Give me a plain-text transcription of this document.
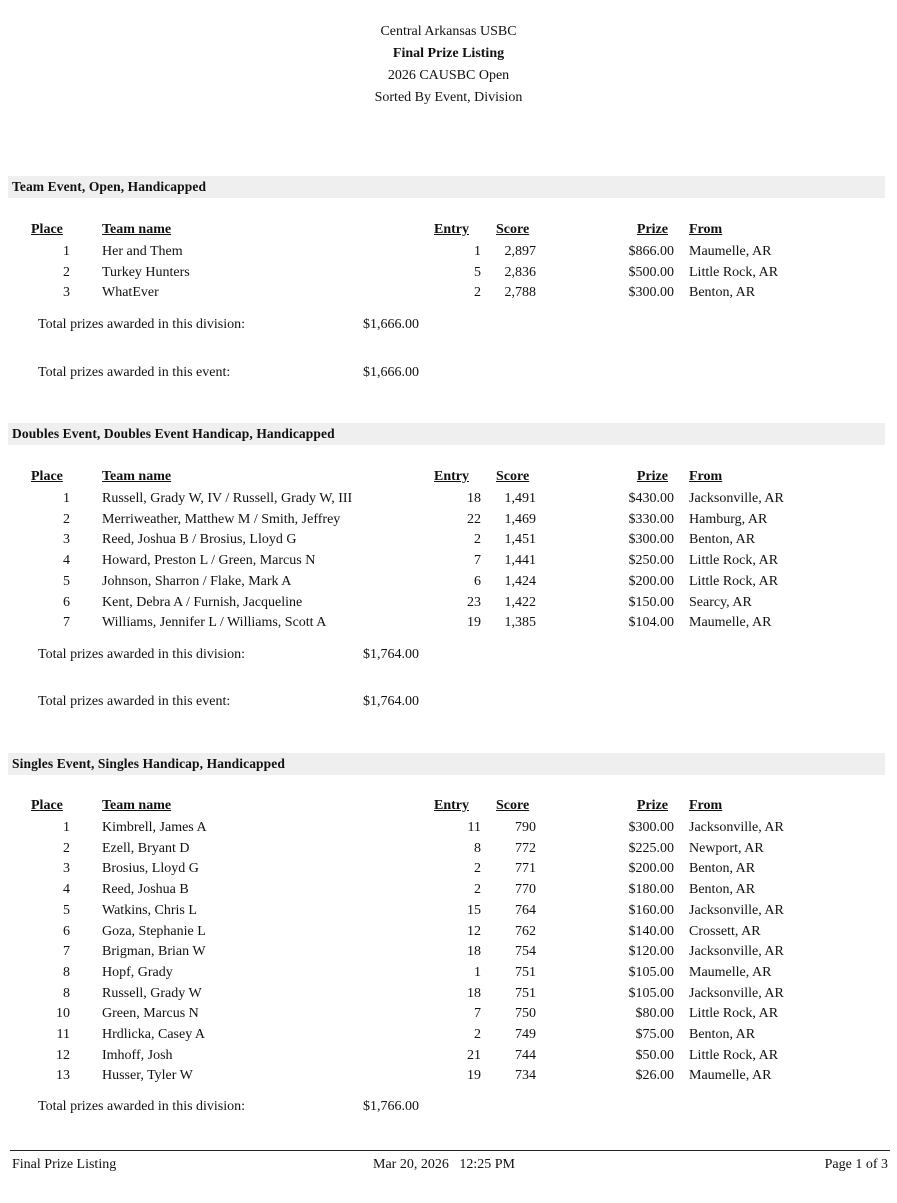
Central Arkansas USBC
Final Prize Listing
2026 CAUSBC Open
Sorted By Event, Division
Team Event, Open, Handicapped
Place	Team name	Entry Score	Prize From
1 Her and Them	1	2,897	$866.00 Maumelle, AR
2 Turkey Hunters	5	2,836	$500.00 Little Rock, AR
3 WhatEver	2	2,788	$300.00 Benton, AR
Total prizes awarded in this division:	$1,666.00
Total prizes awarded in this event:	$1,666.00
Doubles Event, Doubles Event Handicap, Handicapped
Place	Team name	Entry Score	Prize From
1 Russell, Grady W, IV / Russell, Grady W, III	18	1,491	$430.00 Jacksonville, AR
2 Merriweather, Matthew M / Smith, Jeffrey	22	1,469	$330.00 Hamburg, AR
3 Reed, Joshua B / Brosius, Lloyd G	2	1,451	$300.00 Benton, AR
4 Howard, Preston L / Green, Marcus N	7	1,441	$250.00 Little Rock, AR
5 Johnson, Sharron / Flake, Mark A	6	1,424	$200.00 Little Rock, AR
6 Kent, Debra A / Furnish, Jacqueline	23	1,422	$150.00 Searcy, AR
7 Williams, Jennifer L / Williams, Scott A	19	1,385	$104.00 Maumelle, AR
Total prizes awarded in this division:	$1,764.00
Total prizes awarded in this event:	$1,764.00
Singles Event, Singles Handicap, Handicapped
Place	Team name	Entry Score	Prize From
1 Kimbrell, James A	11	790	$300.00 Jacksonville, AR
2 Ezell, Bryant D	8	772	$225.00 Newport, AR
3 Brosius, Lloyd G	2	771	$200.00 Benton, AR
4 Reed, Joshua B	2	770	$180.00 Benton, AR
5 Watkins, Chris L	15	764	$160.00 Jacksonville, AR
6 Goza, Stephanie L	12	762	$140.00 Crossett, AR
7 Brigman, Brian W	18	754	$120.00 Jacksonville, AR
8 Hopf, Grady	1	751	$105.00 Maumelle, AR
8 Russell, Grady W	18	751	$105.00 Jacksonville, AR
10 Green, Marcus N	7	750	$80.00 Little Rock, AR
11 Hrdlicka, Casey A	2	749	$75.00 Benton, AR
12 Imhoff, Josh	21	744	$50.00 Little Rock, AR
13 Husser, Tyler W	19	734	$26.00 Maumelle, AR
Total prizes awarded in this division:	$1,766.00
Final Prize Listing	Mar 20, 2026   12:25 PM	Page 1 of 3
